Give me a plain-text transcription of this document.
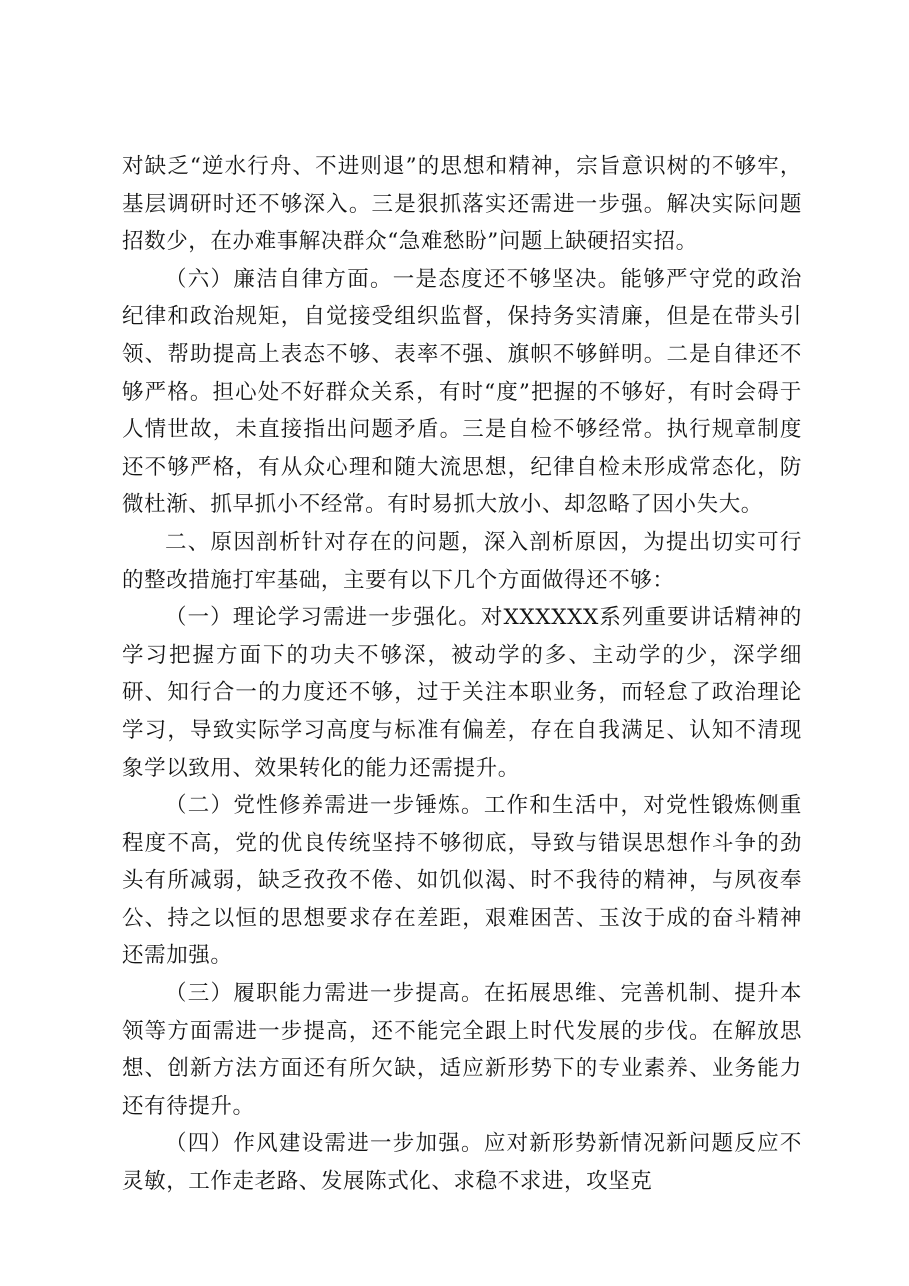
对缺乏“逆水行舟、不进则退”的思想和精神，宗旨意识树的不够牢，基层调研时还不够深入。三是狠抓落实还需进一步强。解决实际问题招数少，在办难事解决群众“急难愁盼”问题上缺硬招实招。

（六）廉洁自律方面。一是态度还不够坚决。能够严守党的政治纪律和政治规矩，自觉接受组织监督，保持务实清廉，但是在带头引领、帮助提高上表态不够、表率不强、旗帜不够鲜明。二是自律还不够严格。担心处不好群众关系，有时“度”把握的不够好，有时会碍于人情世故，未直接指出问题矛盾。三是自检不够经常。执行规章制度还不够严格，有从众心理和随大流思想，纪律自检未形成常态化，防微杜渐、抓早抓小不经常。有时易抓大放小、却忽略了因小失大。

二、原因剖析针对存在的问题，深入剖析原因，为提出切实可行的整改措施打牢基础，主要有以下几个方面做得还不够：

（一）理论学习需进一步强化。对XXXXXX系列重要讲话精神的学习把握方面下的功夫不够深，被动学的多、主动学的少，深学细研、知行合一的力度还不够，过于关注本职业务，而轻怠了政治理论学习，导致实际学习高度与标准有偏差，存在自我满足、认知不清现象学以致用、效果转化的能力还需提升。

（二）党性修养需进一步锤炼。工作和生活中，对党性锻炼侧重程度不高，党的优良传统坚持不够彻底，导致与错误思想作斗争的劲头有所减弱，缺乏孜孜不倦、如饥似渴、时不我待的精神，与夙夜奉公、持之以恒的思想要求存在差距，艰难困苦、玉汝于成的奋斗精神还需加强。

（三）履职能力需进一步提高。在拓展思维、完善机制、提升本领等方面需进一步提高，还不能完全跟上时代发展的步伐。在解放思想、创新方法方面还有所欠缺，适应新形势下的专业素养、业务能力还有待提升。

（四）作风建设需进一步加强。应对新形势新情况新问题反应不灵敏，工作走老路、发展陈式化、求稳不求进，攻坚克
